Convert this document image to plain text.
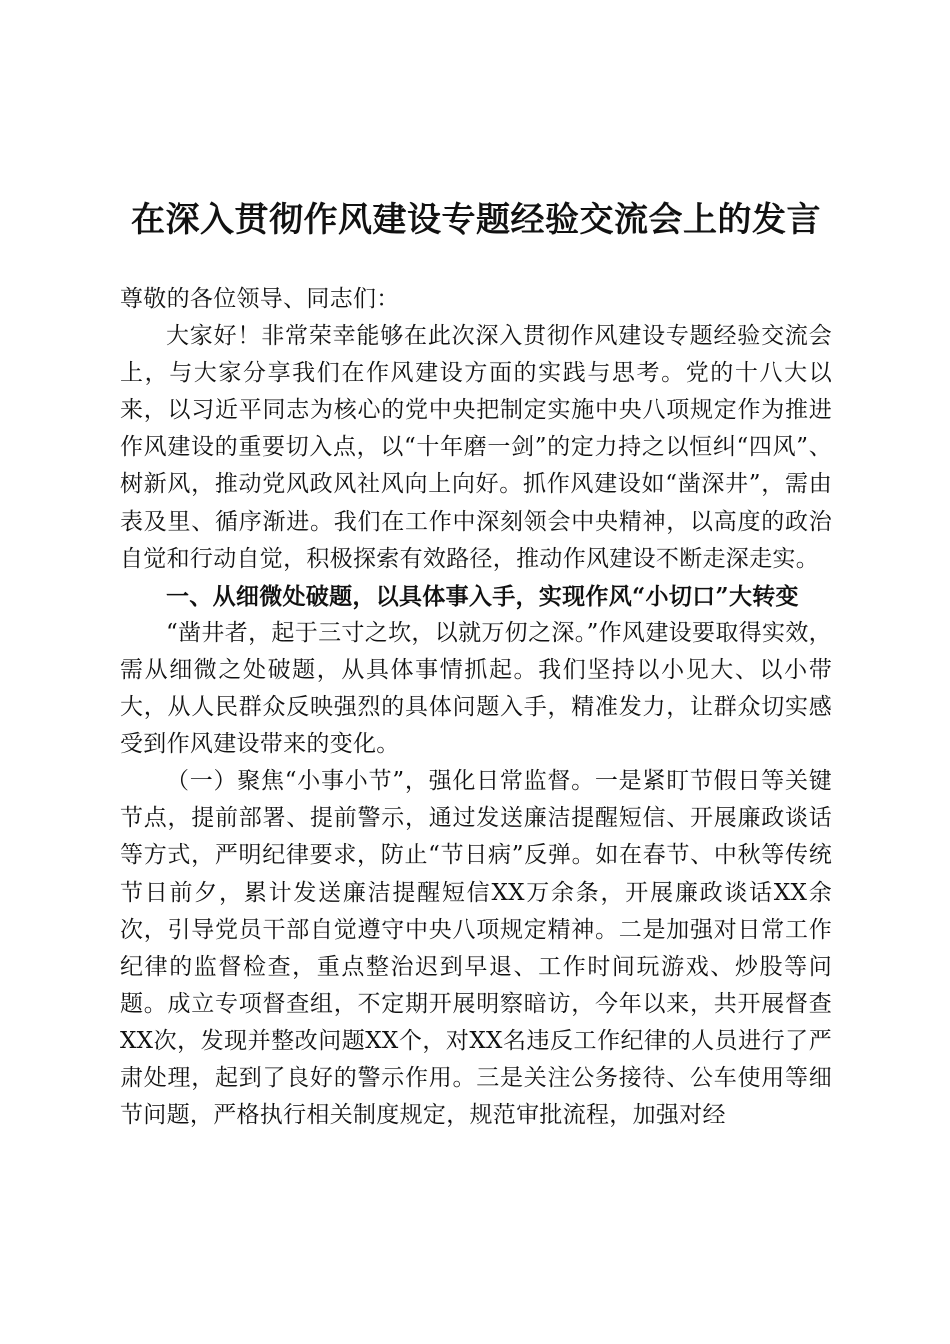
在深入贯彻作风建设专题经验交流会上的发言

尊敬的各位领导、同志们：

大家好！非常荣幸能够在此次深入贯彻作风建设专题经验交流会上，与大家分享我们在作风建设方面的实践与思考。党的十八大以来，以习近平同志为核心的党中央把制定实施中央八项规定作为推进作风建设的重要切入点，以“十年磨一剑”的定力持之以恒纠“四风”、树新风，推动党风政风社风向上向好。抓作风建设如“凿深井”，需由表及里、循序渐进。我们在工作中深刻领会中央精神，以高度的政治自觉和行动自觉，积极探索有效路径，推动作风建设不断走深走实。

一、从细微处破题，以具体事入手，实现作风“小切口”大转变

“凿井者，起于三寸之坎，以就万仞之深。”作风建设要取得实效，需从细微之处破题，从具体事情抓起。我们坚持以小见大、以小带大，从人民群众反映强烈的具体问题入手，精准发力，让群众切实感受到作风建设带来的变化。

（一）聚焦“小事小节”，强化日常监督。一是紧盯节假日等关键节点，提前部署、提前警示，通过发送廉洁提醒短信、开展廉政谈话等方式，严明纪律要求，防止“节日病”反弹。如在春节、中秋等传统节日前夕，累计发送廉洁提醒短信XX万余条，开展廉政谈话XX余次，引导党员干部自觉遵守中央八项规定精神。二是加强对日常工作纪律的监督检查，重点整治迟到早退、工作时间玩游戏、炒股等问题。成立专项督查组，不定期开展明察暗访，今年以来，共开展督查XX次，发现并整改问题XX个，对XX名违反工作纪律的人员进行了严肃处理，起到了良好的警示作用。三是关注公务接待、公车使用等细节问题，严格执行相关制度规定，规范审批流程，加强对经
